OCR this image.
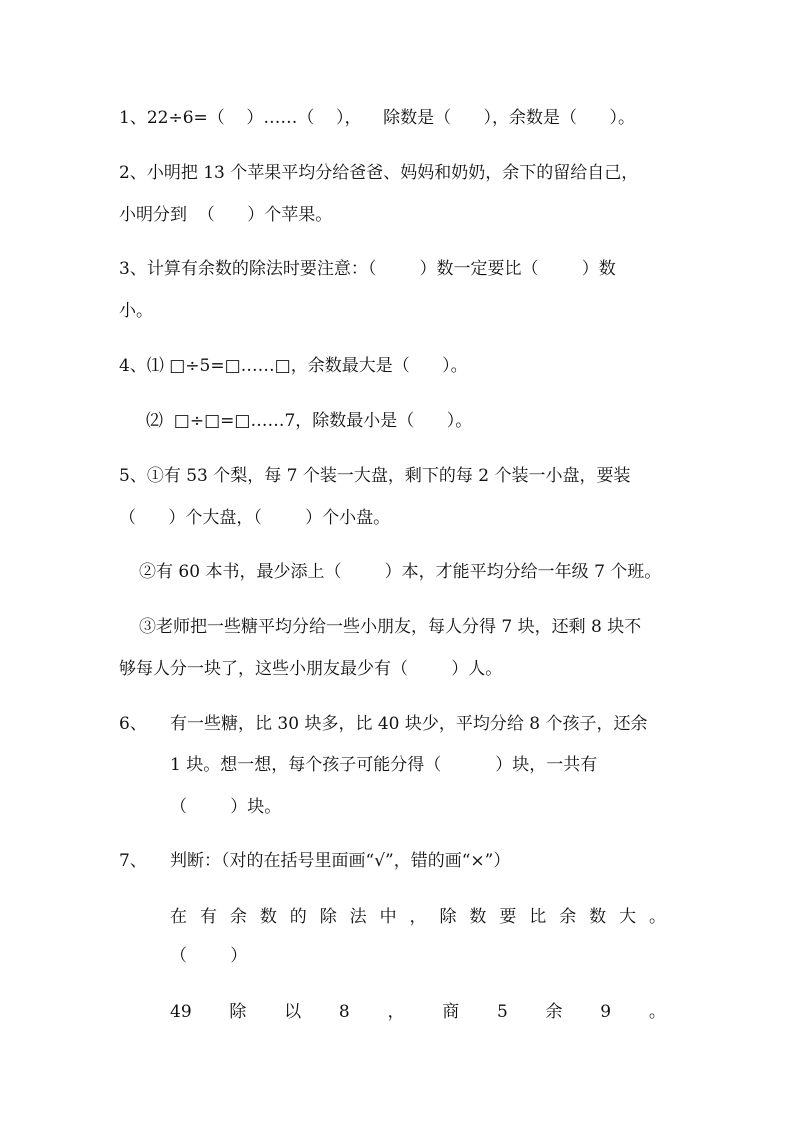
1、22÷6=（    ）……（    ），    除数是（      ），余数是（      ）。
2、小明把 13 个苹果平均分给爸爸、妈妈和奶奶，余下的留给自己，
小明分到  （      ）个苹果。
3、计算有余数的除法时要注意：（        ）数一定要比（        ）数
小。
4、⑴ □÷5=□……□，余数最大是（      ）。
⑵  □÷□=□……7，除数最小是（      ）。
5、①有 53 个梨，每 7 个装一大盘，剩下的每 2 个装一小盘，要装
（      ）个大盘，（        ）个小盘。
②有 60 本书，最少添上（        ）本，才能平均分给一年级 7 个班。
③老师把一些糖平均分给一些小朋友，每人分得 7 块，还剩 8 块不
够每人分一块了，这些小朋友最少有（        ）人。
6、 有一些糖，比 30 块多，比 40 块少，平均分给 8 个孩子，还余
1 块。想一想，每个孩子可能分得（          ）块，一共有
（        ）块。
7、 判断：（对的在括号里面画“√”，错的画“×”）
在 有 余 数 的 除 法 中 ， 除 数 要 比 余 数 大 。
（        ）
49 除 以 8 ， 商 5 余 9 。
